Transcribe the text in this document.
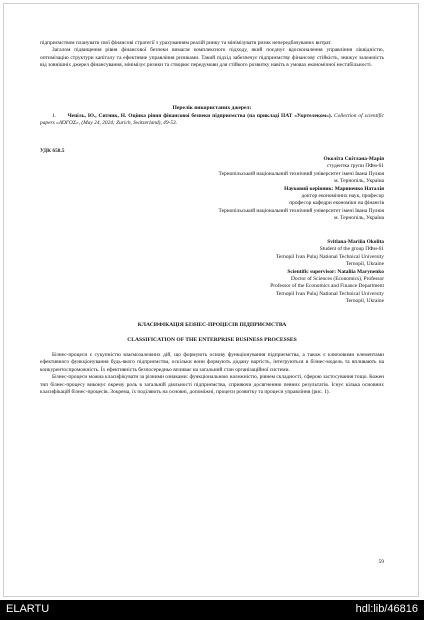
підприємством планувати свої фінансові стратегії з урахуванням реалій ринку та мінімізувати ризик непередбачуваних витрат.

Загалом підвищення рівня фінансової безпеки вимагає комплексного підходу, який поєднує вдосконалення управління ліквідністю, оптимізацію структури капіталу та ефективне управління ризиками. Такий підхід забезпечує підприємству фінансову стійкість, знижує залежність від зовнішніх джерел фінансування, мінімізує ризики та створює передумови для стійкого розвитку навіть в умовах економічної нестабільності.

Перелік використаних джерел:

1. Чепіль, Ю., Ситник, Н. Оцінка рівня фінансової безпеки підприємства (на прикладі ПАТ «Укртелеком»). Collection of scientific papers «ΛΌГOΣ», (May 24, 2024; Zurich, Switzerland), 49-53.

УДК 658.5
Околіта Світлана-Марія
студентка групи ПФм-61
Тернопільський національний технічний університет імені Івана Пулюя
м. Тернопіль, Україна
Науковий керівник: Мариненко Наталія
доктор економічних наук, професор
професор кафедри економіки на фінансів
Тернопільський національний технічний університет імені Івана Пулюя
м. Тернопіль, Україна
Svitlana-Mariiia Okolita
Student of the group ПФм-61
Ternopil Ivan Puluj National Technical University
Ternopil, Ukraine
Scientific supervisor: Nataliia Marynenko
Doctor of Sciences (Economics), Professor
Professor of the Economics and Finance Department
Ternopil Ivan Puluj National Technical University
Ternopil, Ukraine
КЛАСИФІКАЦІЯ БІЗНЕС-ПРОЦЕСІВ ПІДПРИЄМСТВА
CLASSIFICATION OF THE ENTERPRISE BUSINESS PROCESSES

Бізнес-процеси є сукупністю взаємозалежних дій, що формують основу функціонування підприємства, а також є ключовими елементами ефективного функціонування будь-якого підприємства, оскільки вони формують додану вартість, інтегруються в бізнес-модель та впливають на конкурентоспроможність. Їх ефективність безпосередньо впливає на загальний стан організаційної системи.

Бізнес-процеси можна класифікувати за різними ознаками: функціональною належністю, рівнем складності, сферою застосування тощо. Кожен тип бізнес-процесу виконує окрему роль в загальній діяльності підприємства, сприяючи досягненню певних результатів. Існує кілька основних класифікацій бізнес-процесів. Зокрема, їх поділяють на основні, допоміжні, процеси розвитку та процеси управління (рис. 1).

59
ELARTU	hdl:lib/46816
